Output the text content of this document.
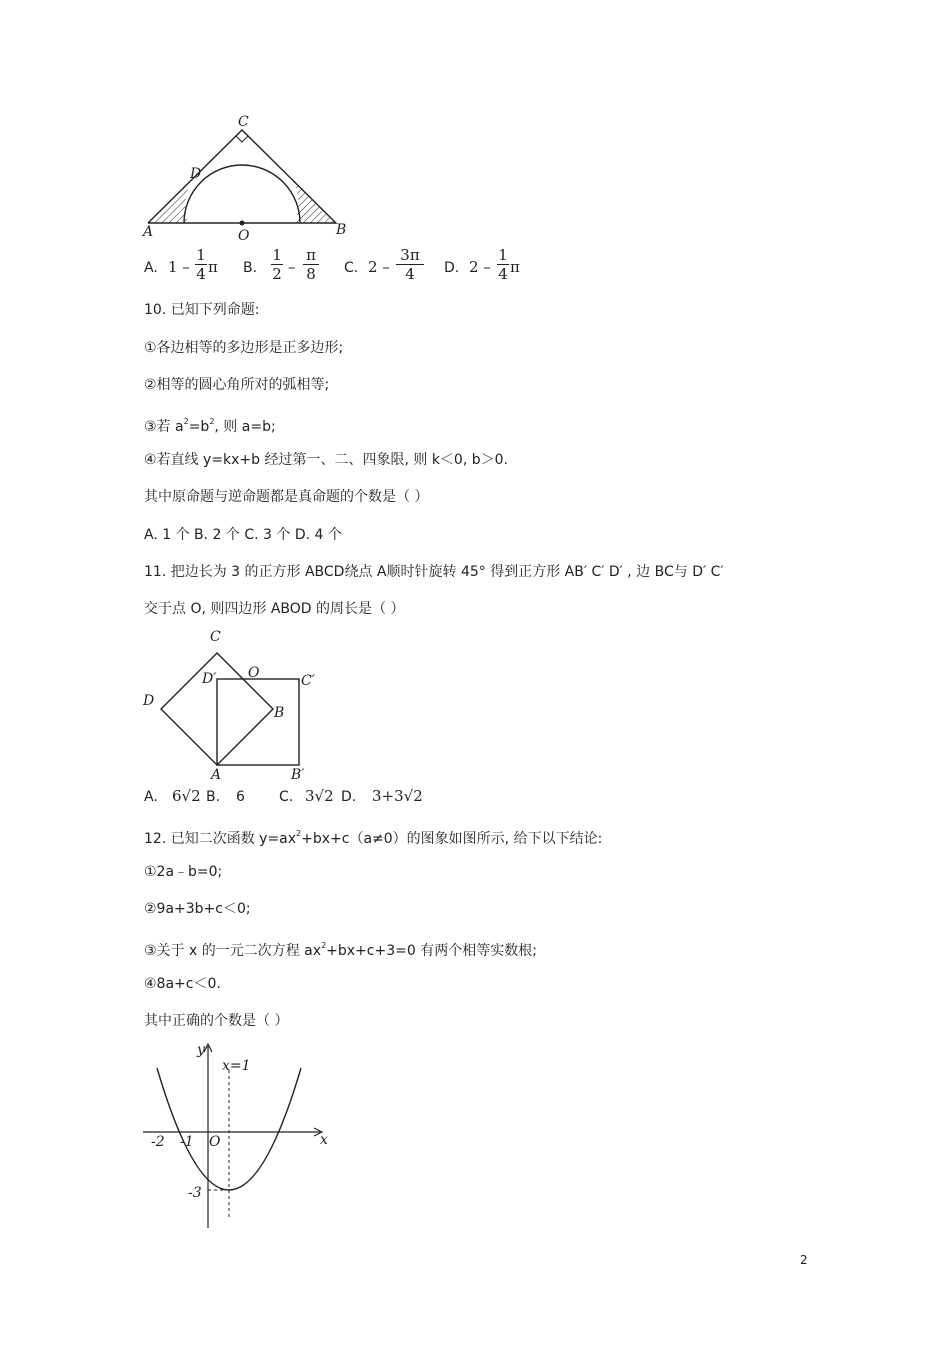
C
D
A	O	B
A. 1 –
1
4 π B.
1
2 –
π
8 C. 2 –
3π
4	D. 2 –
1
4 π
10. 已知下列命题:
①各边相等的多边形是正多边形;
②相等的圆心角所对的弧相等;
③若 $a^2=b^2$, 则 a=b;
④若直线 y=kx+b 经过第一、二、四象限, 则 k＜0, b＞0.
其中原命题与逆命题都是真命题的个数是（ ）
A. 1 个 B. 2 个 C. 3 个 D. 4 个
11. 把边长为 3 的正方形 ABCD绕点 A顺时针旋转 45° 得到正方形 AB′ C′ D′ , 边 BC与 D′ C′
交于点 O, 则四边形 ABOD 的周长是（ ）
C
D′ O	C′
D
B
A	B′
A. 6√2 B. 6 C. 3√2 D. 3+3√2
12. 已知二次函数 $y=ax^2+bx+c(a\ne 0)$的图象如图所示, 给下以下结论:
①2a﹣b=0;
②9a+3b+c＜0;
③关于 x 的一元二次方程 $ax^2+bx+c+3=0$ 有两个相等实数根;
④8a+c＜0.
其中正确的个数是（ ）
y
x=1
x
-2 -1 O
-3
2
